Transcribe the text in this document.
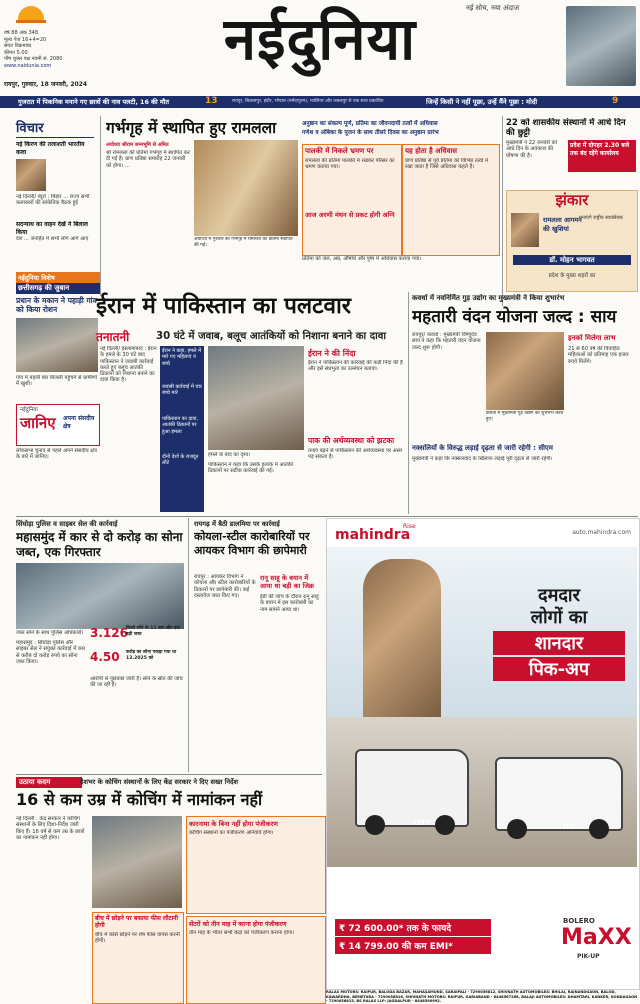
वर्ष 88 अंक 348
मूल्य पेज 16+4=20
संवत विक्रमाब्द
कीमत 5.00
पौष शुक्ल पक्ष नवमी सं. 2080
www.naidunia.com
रायपुर, गुरुवार, 18 जनवरी, 2024
नईदुनिया	नई सोच, नया अंदाज
गुजरात में पिकनिक मनाने गए छात्रों की नाव पलटी, 16 की मौत	13	रायपुर, बिलासपुर, इंदौर, भोपाल (नर्मदापुरम), ग्वालियर और जबलपुर से एक साथ प्रकाशित	जिन्हें किसी ने नहीं पूछा, उन्हें मैंने पूछा : मोदी	9
विचार
नई किरण की तलाशती भारतीय कला
नई दिल्ली/ ब्यूरो : बिहार ... राज्य सभी कलाकारों की सांकेतिक बैठक हुई
सदन्याथ का वाहन देखें ने बिलाल किया
देश ... जनहित में सभी लोग आगे आएं
गर्भगृह में स्थापित हुए रामलला
अयोध्या श्रीराम जन्मभूमि से अमित
श्री रामलला की प्रतिमा गर्भगृह में स्थापित कर दी गई है। प्राण प्रतिष्ठा समारोह 22 जनवरी को होगा। ...
अयोध्या में गुरुवार को गर्भगृह में रामलला की प्रतिमा स्थापित की गई।
अनुष्ठान का संकल्प पूर्ण, प्रतिमा का जीवनदायी तत्वों में अधिवास
गणेश व अंबिका के पूजन के साथ तीसरे दिवस का अनुष्ठान प्रारंभ
पालकी में निकले भ्रमण पर
रामलला की प्रतिमा पालकी में रखकर परिसर का भ्रमण कराया गया।
आज अरणी मंथन से प्रकट होगी अग्नि
यह होता है अधिवास
प्राण प्रतिष्ठा से पूर्व प्रतिमा को विभिन्न तत्वों में रखा जाता है जिसे अधिवास कहते हैं।
प्रतिमा को जल, अन्न, औषधि और पुष्प में अधिवास कराया गया।
22 को शासकीय संस्थानों में आधे दिन की छुट्टी
मुख्यमंत्री ने 22 जनवरी को आधे दिन के अवकाश की घोषणा की है।
प्रदेश में दोपहर 2.30 बजे तक बंद रहेंगे कार्यालय
झंकार
रामलला आगमन
की खुशियां
मनाएंगे राष्ट्रीय स्वयंसेवक
डॉ. मोहन भागवत
प्रदेश के मुख्य शहरों का
नईदुनिया विशेष
छत्तीसगढ़ की जुबान
प्रधान के मकान ने पहाड़ी गांव को किया रोशन
गांव में पहली बार बिजली पहुंचने से ग्रामीणों में खुशी।
नईदुनिया
जानिए अपना संसदीय क्षेत्र
लोकसभा चुनाव से पहले अपने संसदीय क्षेत्र के बारे में जानिए।
ईरान में पाकिस्तान का पलटवार
तनातनी	30 घंटे में जवाब, बलूच आतंकियों को निशाना बनाने का दावा
नई दिल्ली/ इस्लामाबाद : ईरान के हमले के 30 घंटे बाद पाकिस्तान ने जवाबी कार्रवाई करते हुए बलूच आतंकी ठिकानों को निशाना बनाने का दावा किया है।
ईरान ने कहा, हमले में मारे गए महिलाएं व बच्चे
जवाबी कार्रवाई में चार बच्चे मारे
पाकिस्तान का दावा, आतंकी ठिकानों पर हुआ हमला
दोनों देशों के राजदूत लौटे
हमले के बाद का दृश्य।
पाकिस्तान ने कहा कि उसके इलाके में आतंकी ठिकानों पर सटीक कार्रवाई की गई।
ईरान ने की निंदा
ईरान ने पाकिस्तान की कार्रवाई की कड़ी निंदा की है और इसे संप्रभुता का उल्लंघन बताया।
पाक की अर्थव्यवस्था को झटका
तनाव बढ़ने से पाकिस्तान की अर्थव्यवस्था पर असर पड़ सकता है।
कवर्धा में नवनिर्मित गुड़ उद्योग का मुख्यमंत्री ने किया शुभारंभ
महतारी वंदन योजना जल्द : साय
रायपुर/ कवर्धा : मुख्यमंत्री विष्णुदेव साय ने कहा कि महतारी वंदन योजना जल्द शुरू होगी।
कवर्धा में मुख्यमंत्री गुड़ उद्योग का शुभारंभ करते हुए।
इनको मिलेगा लाभ
21 से 60 वर्ष की विवाहित महिलाओं को प्रतिमाह एक हजार रुपये मिलेंगे।
नक्सलियों के विरुद्ध लड़ाई दृढ़ता से जारी रहेगी : सीएम
मुख्यमंत्री ने कहा कि नक्सलवाद के खिलाफ लड़ाई पूरी दृढ़ता से जारी रहेगी।
सिंघोड़ा पुलिस व साइबर सेल की कार्रवाई
महासमुंद में कार से दो करोड़ का सोना जब्त, एक गिरफ्तार
जब्त सोने के साथ पुलिस अधिकारी।
महासमुंद : सिंघोड़ा पुलिस और साइबर सेल ने संयुक्त कार्रवाई में कार से करीब दो करोड़ रुपये का सोना जब्त किया।
3.126
किलो सोने के 11 बार और एक बड़ी जब्त
4.50 करोड़ का सोना पकड़ा गया था 12.2025 को
आरोपी से पूछताछ जारी है। सोने के स्रोत की जांच की जा रही है।
रायगढ़ में बैठी डालमिया पर कार्रवाई
कोयला-स्टील कारोबारियों पर आयकर विभाग की छापेमारी
रायपुर : आयकर विभाग ने कोयला और स्टील कारोबारियों के ठिकानों पर छापेमारी की। कई दस्तावेज जब्त किए गए।
रानू साहू के बयान में आया था बड़ी का जिक्र
ईडी की जांच के दौरान रानू साहू के बयान में इस कारोबारी का नाम सामने आया था।
mahindra
Rise
auto.mahindra.com
दमदार
लोगों का
शानदार
पिक-अप
CITY	HD
₹ 72 600.00* तक के फायदे
₹ 14 799.00 की कम EMI*
BOLERO
MaXX
PIK-UP
RALAS MOTORS: RAIPUR, BALODA BAZAR, MAHASAMUND, SARAIPALI - 7290056812, SHIVNATH AUTOMOBILES: BHILAI, RAJNANDGAON, BALOD, KAWARDHA, BEMETARA - 7290056816, SHIVNATH MOTORS: RAIPUR, GARIABAND - 8448587268, BALAJI AUTOMOBILES: DHAMTARI, KANKER, KONDAGAON - 7290056815, BS RALAS LLP: JAGDALPUR - 8448590992.
उठाया कदम	देशभर के कोचिंग संस्थानों के लिए केंद्र सरकार ने दिए सख्त निर्देश
16 से कम उम्र में कोचिंग में नामांकन नहीं
नई दिल्ली : केंद्र सरकार ने कोचिंग संस्थानों के लिए दिशा-निर्देश जारी किए हैं। 16 वर्ष से कम उम्र के छात्रों का नामांकन नहीं होगा।
कारनामा के बिना नहीं होगा पंजीकरण
कोचिंग संस्थानों का पंजीकरण अनिवार्य होगा।
बीच में छोड़ने पर बकाया फीस लौटानी होगी
बीच में कोर्स छोड़ने पर शेष फीस वापस करनी होगी।
सेंटरों को तीन माह में करना होगा पंजीकरण
तीन माह के भीतर सभी केंद्रों को पंजीकरण कराना होगा।
